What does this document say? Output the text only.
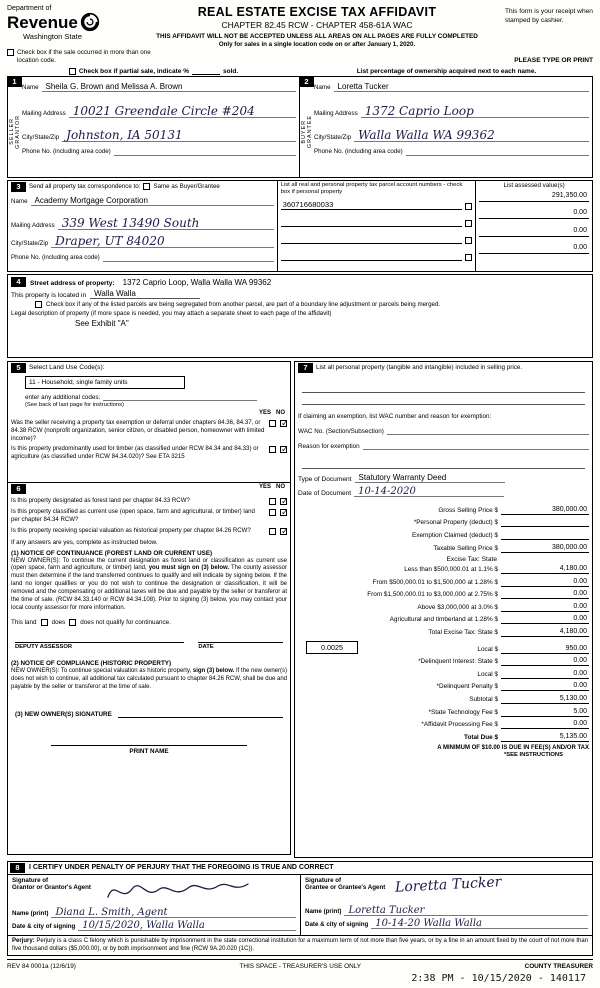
Department of
Revenue
Washington State
REAL ESTATE EXCISE TAX AFFIDAVIT
CHAPTER 82.45 RCW - CHAPTER 458-61A WAC
THIS AFFIDAVIT WILL NOT BE ACCEPTED UNLESS ALL AREAS ON ALL PAGES ARE FULLY COMPLETED
Only for sales in a single location code on or after January 1, 2020.
This form is your receipt when stamped by cashier.
Check box if the sale occurred in more than one location code.	PLEASE TYPE OR PRINT
Check box if partial sale, indicate %	sold.	List percentage of ownership acquired next to each name.
1
SELLER GRANTOR
Name Sheila G. Brown and Melissa A. Brown
Mailing Address 10021 Greendale Circle #204
City/State/Zip Johnston, IA 50131
Phone No. (including area code)
2
BUYER GRANTEE
Name Loretta Tucker
Mailing Address 1372 Caprio Loop
City/State/Zip Walla Walla WA 99362
Phone No. (including area code)
3	Send all property tax correspondence to: Same as Buyer/Grantee
Name Academy Mortgage Corporation
Mailing Address 339 West 13490 South
City/State/Zip Draper, UT 84020
Phone No. (including area code)
List all real and personal property tax parcel account numbers - check box if personal property
360716680033
List assessed value(s)
291,350.00
0.00
0.00
0.00
4	Street address of property:	1372 Caprio Loop, Walla Walla WA 99362
This property is located in	Walla Walla
Check box if any of the listed parcels are being segregated from another parcel, are part of a boundary line adjustment or parcels being merged.
Legal description of property (if more space is needed, you may attach a separate sheet to each page of the affidavit)
See Exhibit "A"
5	Select Land Use Code(s):
11 - Household, single family units
enter any additional codes:
(See back of last page for instructions)
YES NO
Was the seller receiving a property tax exemption or deferral under chapters 84.36, 84.37, or 84.38 RCW (nonprofit organization, senior citizen, or disabled person, homeowner with limited income)?
✓
Is this property predominantly used for timber (as classified under RCW 84.34 and 84.33) or agriculture (as classified under RCW 84.34.020)? See ETA 3215
✓
6	YES NO
Is this property designated as forest land per chapter 84.33 RCW?
✓
Is this property classified as current use (open space, farm and agricultural, or timber) land per chapter 84.34 RCW?
✓
Is this property receiving special valuation as historical property per chapter 84.26 RCW?
✓
If any answers are yes, complete as instructed below.
(1) NOTICE OF CONTINUANCE (FOREST LAND OR CURRENT USE)

NEW OWNER(S): To continue the current designation as forest land or classification as current use (open space, farm and agriculture, or timber) land, you must sign on (3) below. The county assessor must then determine if the land transferred continues to qualify and will indicate by signing below. If the land no longer qualifies or you do not wish to continue the designation or classification, it will be removed and the compensating or additional taxes will be due and payable by the seller or transferor at the time of sale. (RCW 84.33.140 or RCW 84.34.108). Prior to signing (3) below, you may contact your local county assessor for more information.

This land does does not qualify for continuance.
DEPUTY ASSESSOR	DATE
(2) NOTICE OF COMPLIANCE (HISTORIC PROPERTY)

NEW OWNER(S): To continue special valuation as historic property, sign (3) below. If the new owner(s) does not wish to continue, all additional tax calculated pursuant to chapter 84.26 RCW, shall be due and payable by the seller or transferor at the time of sale.

(3) NEW OWNER(S) SIGNATURE
PRINT NAME
7	List all personal property (tangible and intangible) included in selling price.
If claiming an exemption, list WAC number and reason for exemption:
WAC No. (Section/Subsection)
Reason for exemption
Type of Document Statutory Warranty Deed
Date of Document 10-14-2020
Gross Selling Price $	380,000.00
*Personal Property (deduct) $
Exemption Claimed (deduct) $
Taxable Selling Price $	380,000.00
Excise Tax: State
Less than $500,000.01 at 1.1% $	4,180.00
From $500,000.01 to $1,500,000 at 1.28% $	0.00
From $1,500,000.01 to $3,000,000 at 2.75% $	0.00
Above $3,000,000 at 3.0% $	0.00
Agricultural and timberland at 1.28% $	0.00
Total Excise Tax: State $	4,180.00
0.0025	Local $	950.00
*Delinquent Interest: State $	0.00
Local $	0.00
*Delinquent Penalty $	0.00
Subtotal $	5,130.00
*State Technology Fee $	5.00
*Affidavit Processing Fee $	0.00
Total Due $	5,135.00
A MINIMUM OF $10.00 IS DUE IN FEE(S) AND/OR TAX
*SEE INSTRUCTIONS
8	I CERTIFY UNDER PENALTY OF PERJURY THAT THE FOREGOING IS TRUE AND CORRECT
Signature of
Grantor or Grantor's Agent
Name (print) Diana L. Smith, Agent
Date & city of signing 10/15/2020, Walla Walla
Signature of
Grantee or Grantee's Agent Loretta Tucker
Name (print) Loretta Tucker
Date & city of signing 10-14-20 Walla Walla

Perjury: Perjury is a class C felony which is punishable by imprisonment in the state correctional institution for a maximum term of not more than five years, or by a fine in an amount fixed by the court of not more than five thousand dollars ($5,000.00), or by both imprisonment and fine (RCW 9A.20.020 (1C)).

REV 84 0001a (12/6/19)	THIS SPACE - TREASURER'S USE ONLY	COUNTY TREASURER
2:38 PM - 10/15/2020 - 140117
